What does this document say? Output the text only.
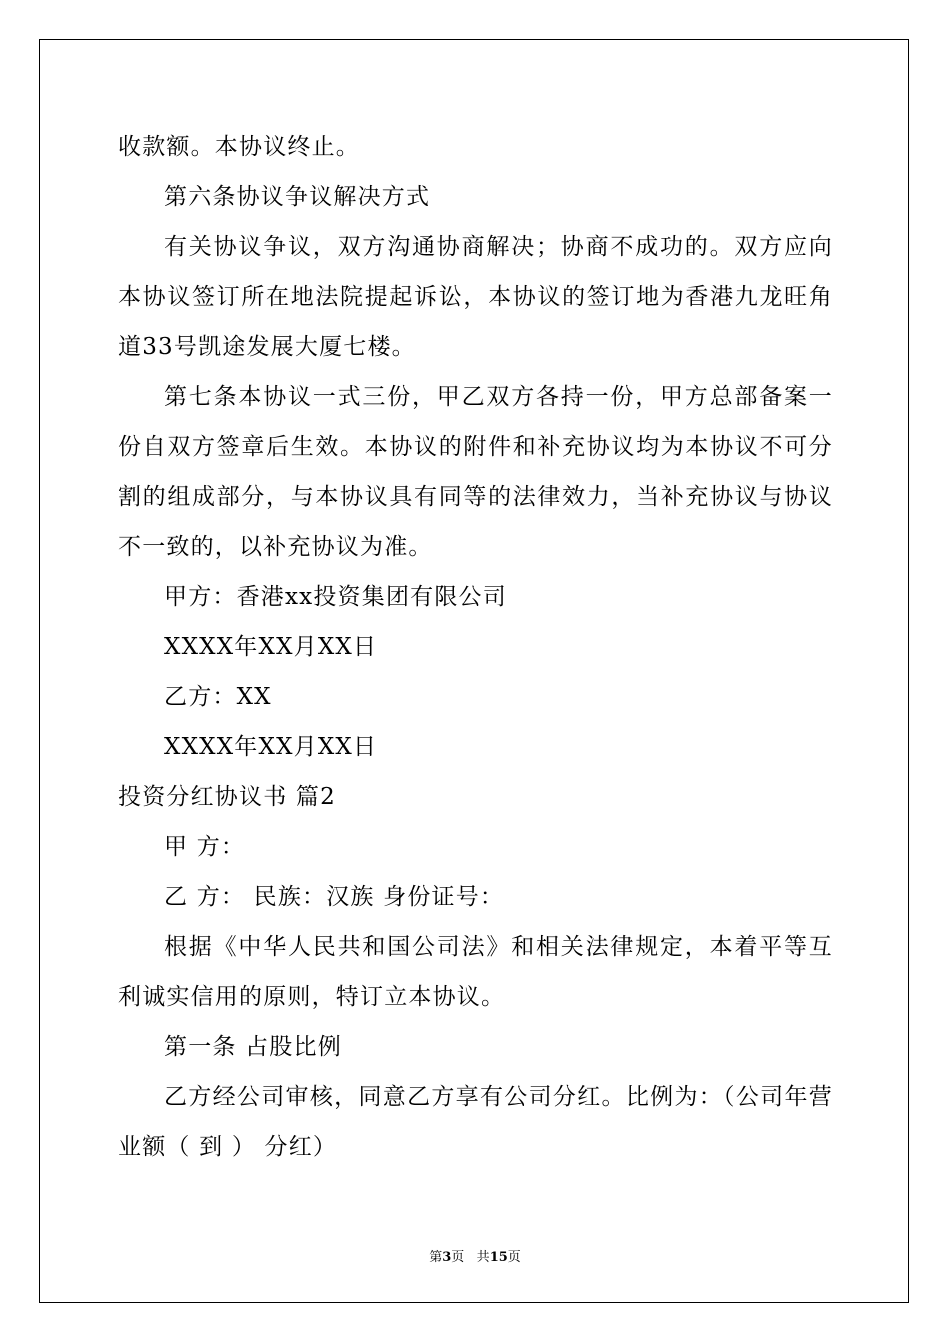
收款额。本协议终止。

第六条协议争议解决方式

有关协议争议，双方沟通协商解决；协商不成功的。双方应向本协议签订所在地法院提起诉讼，本协议的签订地为香港九龙旺角道33号凯途发展大厦七楼。

第七条本协议一式三份，甲乙双方各持一份，甲方总部备案一份自双方签章后生效。本协议的附件和补充协议均为本协议不可分割的组成部分，与本协议具有同等的法律效力，当补充协议与协议不一致的，以补充协议为准。

甲方：香港xx投资集团有限公司

XXXX年XX月XX日

乙方：XX

XXXX年XX月XX日

投资分红协议书 篇2

甲 方：

乙 方： 民族：汉族 身份证号：

根据《中华人民共和国公司法》和相关法律规定，本着平等互利诚实信用的原则，特订立本协议。

第一条 占股比例

乙方经公司审核，同意乙方享有公司分红。比例为：（公司年营业额（ 到 ） 分红）

第3页 共15页
